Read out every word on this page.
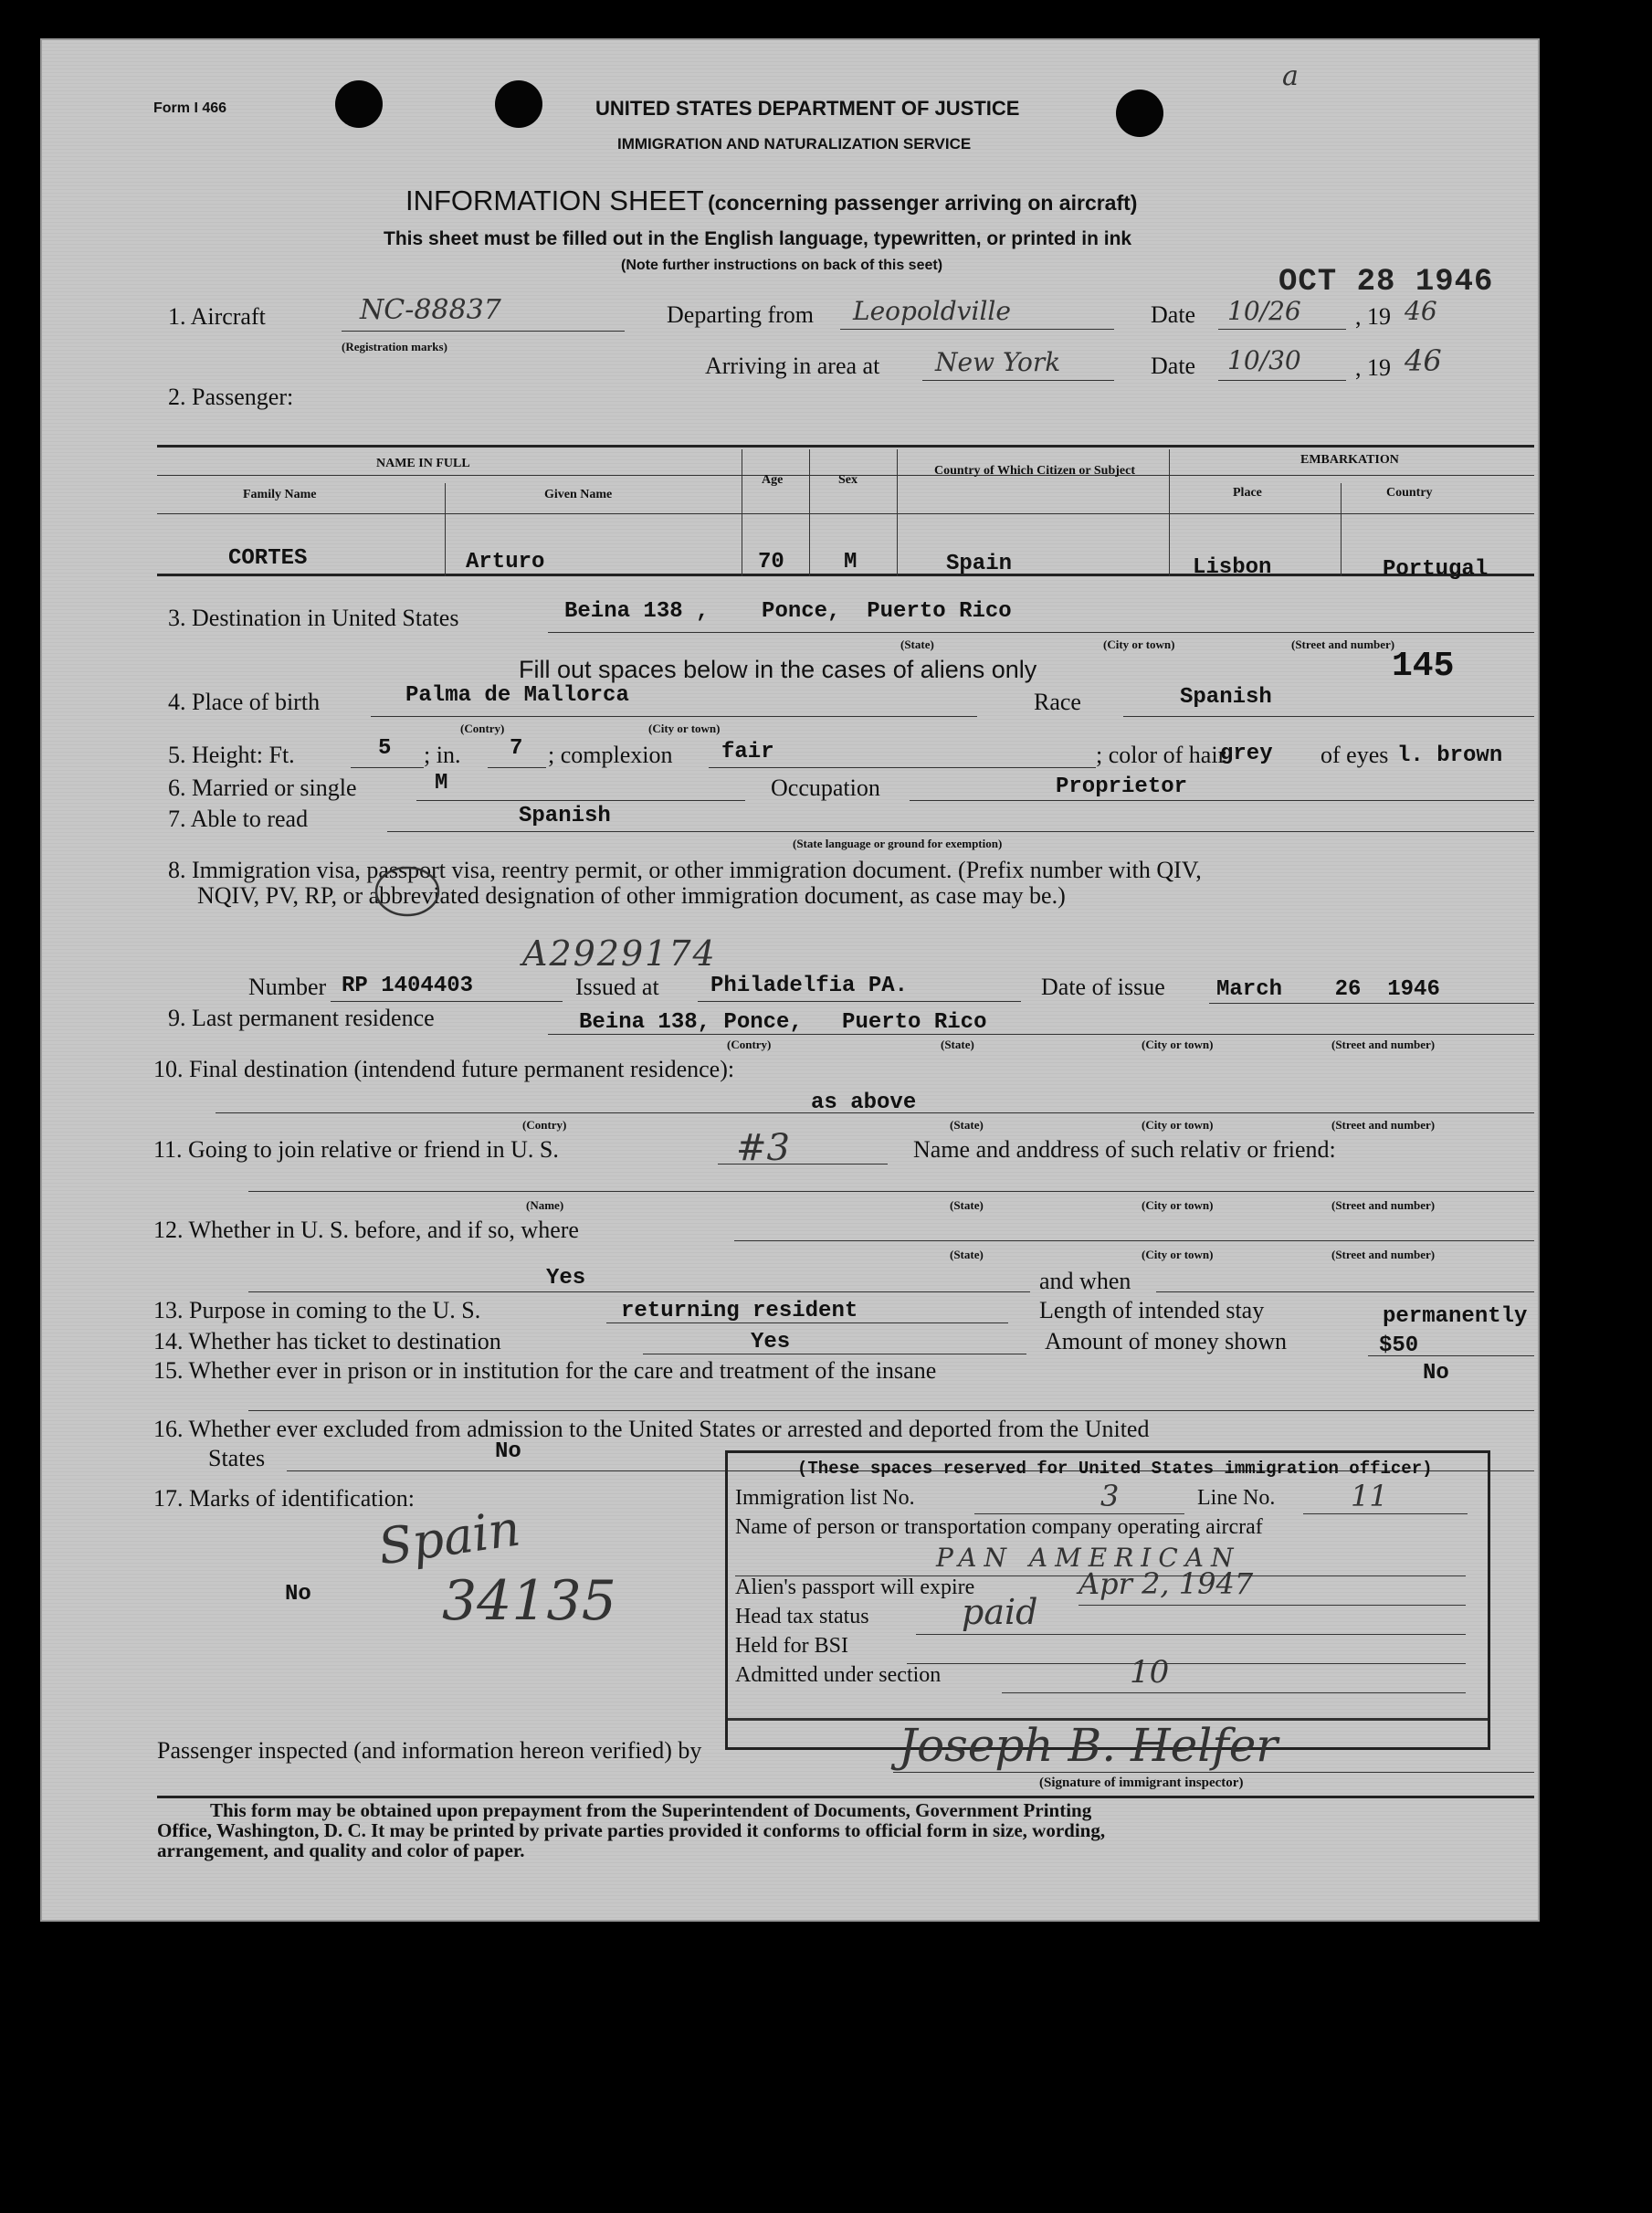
Form I 466	UNITED STATES DEPARTMENT OF JUSTICE
IMMIGRATION AND NATURALIZATION SERVICE
a
INFORMATION SHEET (concerning passenger arriving on aircraft)
This sheet must be filled out in the English language, typewritten, or printed in ink
(Note further instructions on back of this seet)	OCT 28 1946
1. Aircraft	NC-88837
(Registration marks)
Departing from Leopoldville	Date 10/26 , 19 46
Arriving in area at New York	Date 10/30 , 19 46
2. Passenger:
NAME IN FULL
Family Name	Given Name
Age	Sex
Country of Which Citizen or Subject
EMBARKATION
Place	Country
CORTES	Arturo	70	M	Spain	Lisbon	Portugal
3. Destination in United States	Beina 138 ,    Ponce,  Puerto Rico
(State)	(City or town)	(Street and number)
Fill out spaces below in the cases of aliens only	145
4. Place of birth	Palma de Mallorca
(Contry)	(City or town)
Race	Spanish
5. Height: Ft.	5 ; in. 7 ; complexion fair	; color of hair
grey of eyes l. brown
6. Married or single	M	Occupation	Proprietor
7. Able to read	Spanish
(State language or ground for exemption)
8. Immigration visa, passport visa, reentry permit, or other immigration document. (Prefix number with QIV,
NQIV, PV, RP, or abbreviated designation of other immigration document, as case may be.)
A2929174
Number RP 1404403	Issued at Philadelfia PA.	Date of issue March    26  1946
9. Last permanent residence	Beina 138, Ponce,   Puerto Rico
(Contry)	(State)	(City or town)	(Street and number)
10. Final destination (intendend future permanent residence):
as above
(Contry)	(State)	(City or town)	(Street and number)
11. Going to join relative or friend in U. S.	#3	Name and anddress of such relativ or friend:
(Name)	(State)	(City or town)	(Street and number)
12. Whether in U. S. before, and if so, where
(State)	(City or town)	(Street and number)
Yes	and when
13. Purpose in coming to the U. S.	returning resident	Length of intended stay	permanently
14. Whether has ticket to destination	Yes	Amount of money shown	$50
15. Whether ever in prison or in institution for the care and treatment of the insane	No
16. Whether ever excluded from admission to the United States or arrested and deported from the United
States	No
17. Marks of identification:
No
Spain
34135
(These spaces reserved for United States immigration officer)
Immigration list No.	3	Line No.	11
Name of person or transportation company operating aircraf
PAN AMERICAN
Alien's passport will expire	Apr 2, 1947
Head tax status	paid
Held for BSI
Admitted under section	10
Passenger inspected (and information hereon verified) by	Joseph B. Helfer
(Signature of immigrant inspector)
This form may be obtained upon prepayment from the Superintendent of Documents, Government Printing
Office, Washington, D. C. It may be printed by private parties provided it conforms to official form in size, wording,
arrangement, and quality and color of paper.
